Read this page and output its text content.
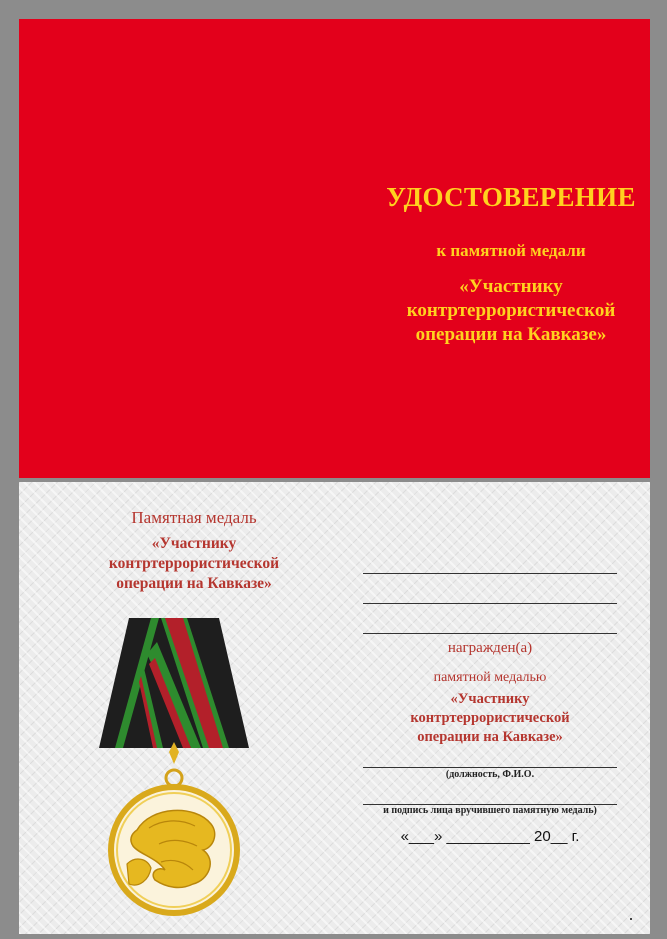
УДОСТОВЕРЕНИЕ
к памятной медали
«Участнику
контртеррористической
операции на Кавказе»
Памятная медаль
«Участнику
контртеррористической
операции на Кавказе»
награжден(а)
памятной медалью
«Участнику
контртеррористической
операции на Кавказе»
(должность, Ф.И.О.
и подпись лица вручившего памятную медаль)
«___» __________ 20__ г.
